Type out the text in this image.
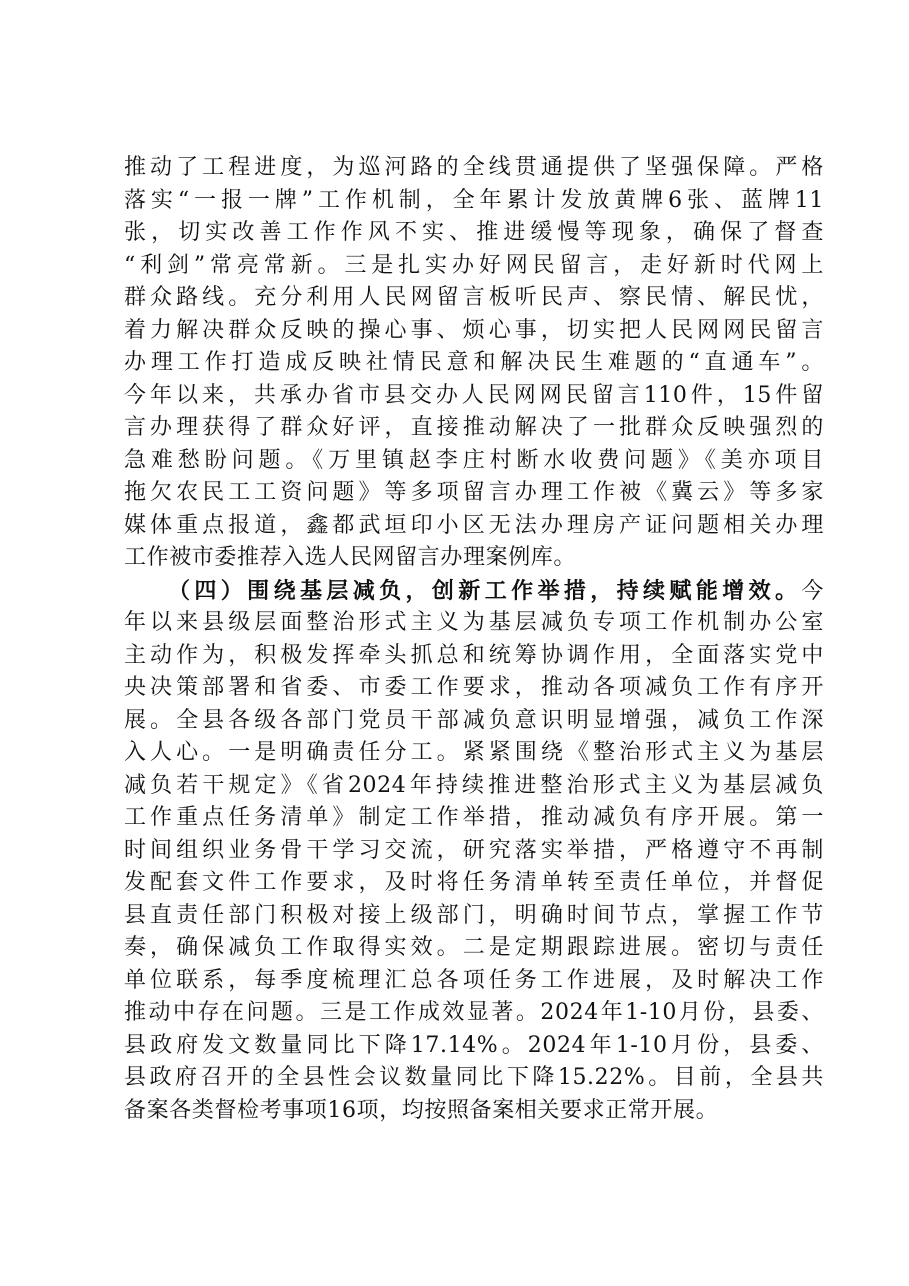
推动了工程进度，为巡河路的全线贯通提供了坚强保障。严格
落实“一报一牌”工作机制，全年累计发放黄牌6张、蓝牌11
张，切实改善工作作风不实、推进缓慢等现象，确保了督查
“利剑”常亮常新。三是扎实办好网民留言，走好新时代网上
群众路线。充分利用人民网留言板听民声、察民情、解民忧，
着力解决群众反映的操心事、烦心事，切实把人民网网民留言
办理工作打造成反映社情民意和解决民生难题的“直通车”。
今年以来，共承办省市县交办人民网网民留言110件，15件留
言办理获得了群众好评，直接推动解决了一批群众反映强烈的
急难愁盼问题。《万里镇赵李庄村断水收费问题》《美亦项目
拖欠农民工工资问题》等多项留言办理工作被《冀云》等多家
媒体重点报道，鑫都武垣印小区无法办理房产证问题相关办理
工作被市委推荐入选人民网留言办理案例库。
（四）围绕基层减负，创新工作举措，持续赋能增效。今
年以来县级层面整治形式主义为基层减负专项工作机制办公室
主动作为，积极发挥牵头抓总和统筹协调作用，全面落实党中
央决策部署和省委、市委工作要求，推动各项减负工作有序开
展。全县各级各部门党员干部减负意识明显增强，减负工作深
入人心。一是明确责任分工。紧紧围绕《整治形式主义为基层
减负若干规定》《省2024年持续推进整治形式主义为基层减负
工作重点任务清单》制定工作举措，推动减负有序开展。第一
时间组织业务骨干学习交流，研究落实举措，严格遵守不再制
发配套文件工作要求，及时将任务清单转至责任单位，并督促
县直责任部门积极对接上级部门，明确时间节点，掌握工作节
奏，确保减负工作取得实效。二是定期跟踪进展。密切与责任
单位联系，每季度梳理汇总各项任务工作进展，及时解决工作
推动中存在问题。三是工作成效显著。2024年1-10月份，县委、
县政府发文数量同比下降17.14%。2024年1-10月份，县委、
县政府召开的全县性会议数量同比下降15.22%。目前，全县共
备案各类督检考事项16项，均按照备案相关要求正常开展。
